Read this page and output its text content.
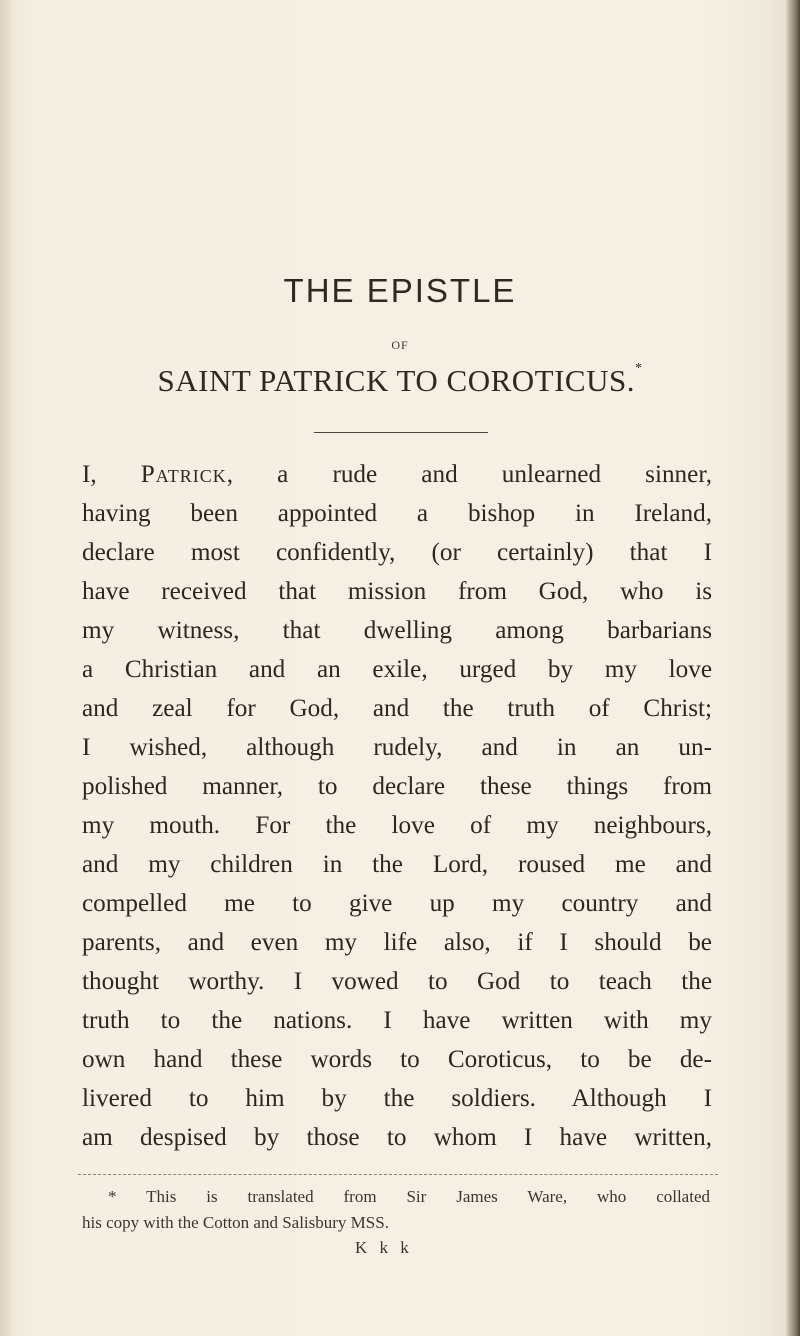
THE EPISTLE
OF
SAINT PATRICK TO COROTICUS.*
I, Patrick, a rude and unlearned sinner,
having been appointed a bishop in Ireland,
declare most confidently, (or certainly) that I
have received that mission from God, who is
my witness, that dwelling among barbarians
a Christian and an exile, urged by my love
and zeal for God, and the truth of Christ;
I wished, although rudely, and in an un-
polished manner, to declare these things from
my mouth. For the love of my neighbours,
and my children in the Lord, roused me and
compelled me to give up my country and
parents, and even my life also, if I should be
thought worthy. I vowed to God to teach the
truth to the nations. I have written with my
own hand these words to Coroticus, to be de-
livered to him by the soldiers. Although I
am despised by those to whom I have written,
* This is translated from Sir James Ware, who collated
his copy with the Cotton and Salisbury MSS.
K k k
